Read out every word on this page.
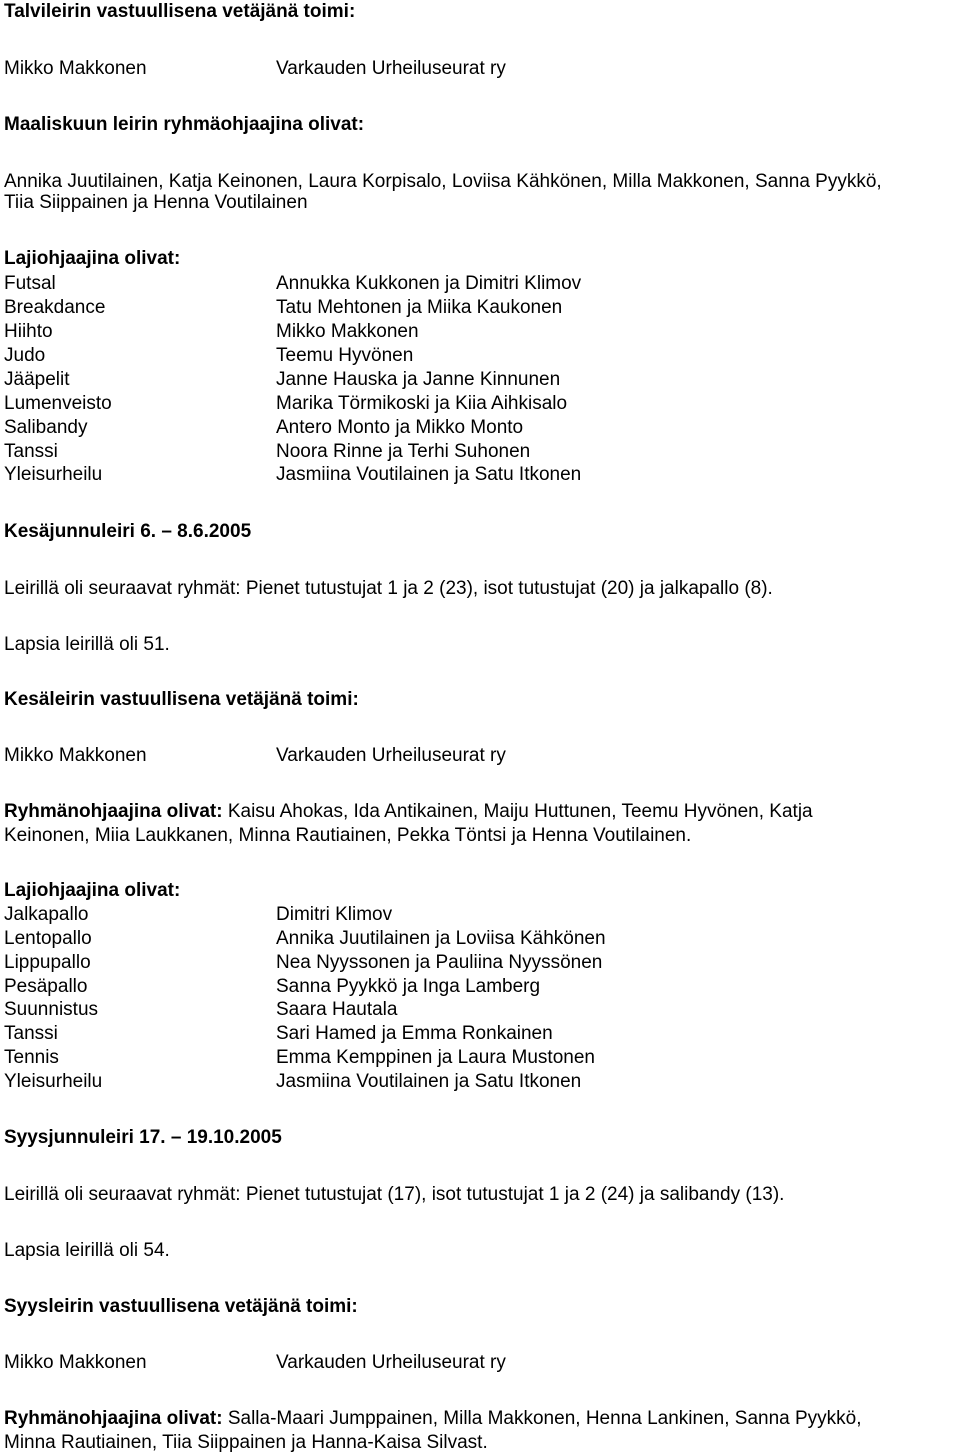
Talvileirin vastuullisena vetäjänä toimi:
Mikko Makkonen	Varkauden Urheiluseurat ry
Maaliskuun leirin ryhmäohjaajina olivat:
Annika Juutilainen, Katja Keinonen, Laura Korpisalo, Loviisa Kähkönen, Milla Makkonen, Sanna Pyykkö,
Tiia Siippainen ja Henna Voutilainen
Lajiohjaajina olivat:
Futsal	Annukka Kukkonen ja Dimitri Klimov
Breakdance	Tatu Mehtonen ja Miika Kaukonen
Hiihto	Mikko Makkonen
Judo	Teemu Hyvönen
Jääpelit	Janne Hauska ja Janne Kinnunen
Lumenveisto	Marika Törmikoski ja Kiia Aihkisalo
Salibandy	Antero Monto ja Mikko Monto
Tanssi	Noora Rinne ja Terhi Suhonen
Yleisurheilu	Jasmiina Voutilainen ja Satu Itkonen
Kesäjunnuleiri 6. – 8.6.2005
Leirillä oli seuraavat ryhmät: Pienet tutustujat 1 ja 2 (23), isot tutustujat (20) ja jalkapallo (8).
Lapsia leirillä oli 51.
Kesäleirin vastuullisena vetäjänä toimi:
Mikko Makkonen	Varkauden Urheiluseurat ry
Ryhmänohjaajina olivat: Kaisu Ahokas, Ida Antikainen, Maiju Huttunen, Teemu Hyvönen, Katja
Keinonen, Miia Laukkanen, Minna Rautiainen, Pekka Töntsi ja Henna Voutilainen.
Lajiohjaajina olivat:
Jalkapallo	Dimitri Klimov
Lentopallo	Annika Juutilainen ja Loviisa Kähkönen
Lippupallo	Nea Nyyssonen ja Pauliina Nyyssönen
Pesäpallo	Sanna Pyykkö ja Inga Lamberg
Suunnistus	Saara Hautala
Tanssi	Sari Hamed ja Emma Ronkainen
Tennis	Emma Kemppinen ja Laura Mustonen
Yleisurheilu	Jasmiina Voutilainen ja Satu Itkonen
Syysjunnuleiri 17. – 19.10.2005
Leirillä oli seuraavat ryhmät: Pienet tutustujat (17), isot tutustujat 1 ja 2 (24) ja salibandy (13).
Lapsia leirillä oli 54.
Syysleirin vastuullisena vetäjänä toimi:
Mikko Makkonen	Varkauden Urheiluseurat ry
Ryhmänohjaajina olivat: Salla-Maari Jumppainen, Milla Makkonen, Henna Lankinen, Sanna Pyykkö,
Minna Rautiainen, Tiia Siippainen ja Hanna-Kaisa Silvast.
